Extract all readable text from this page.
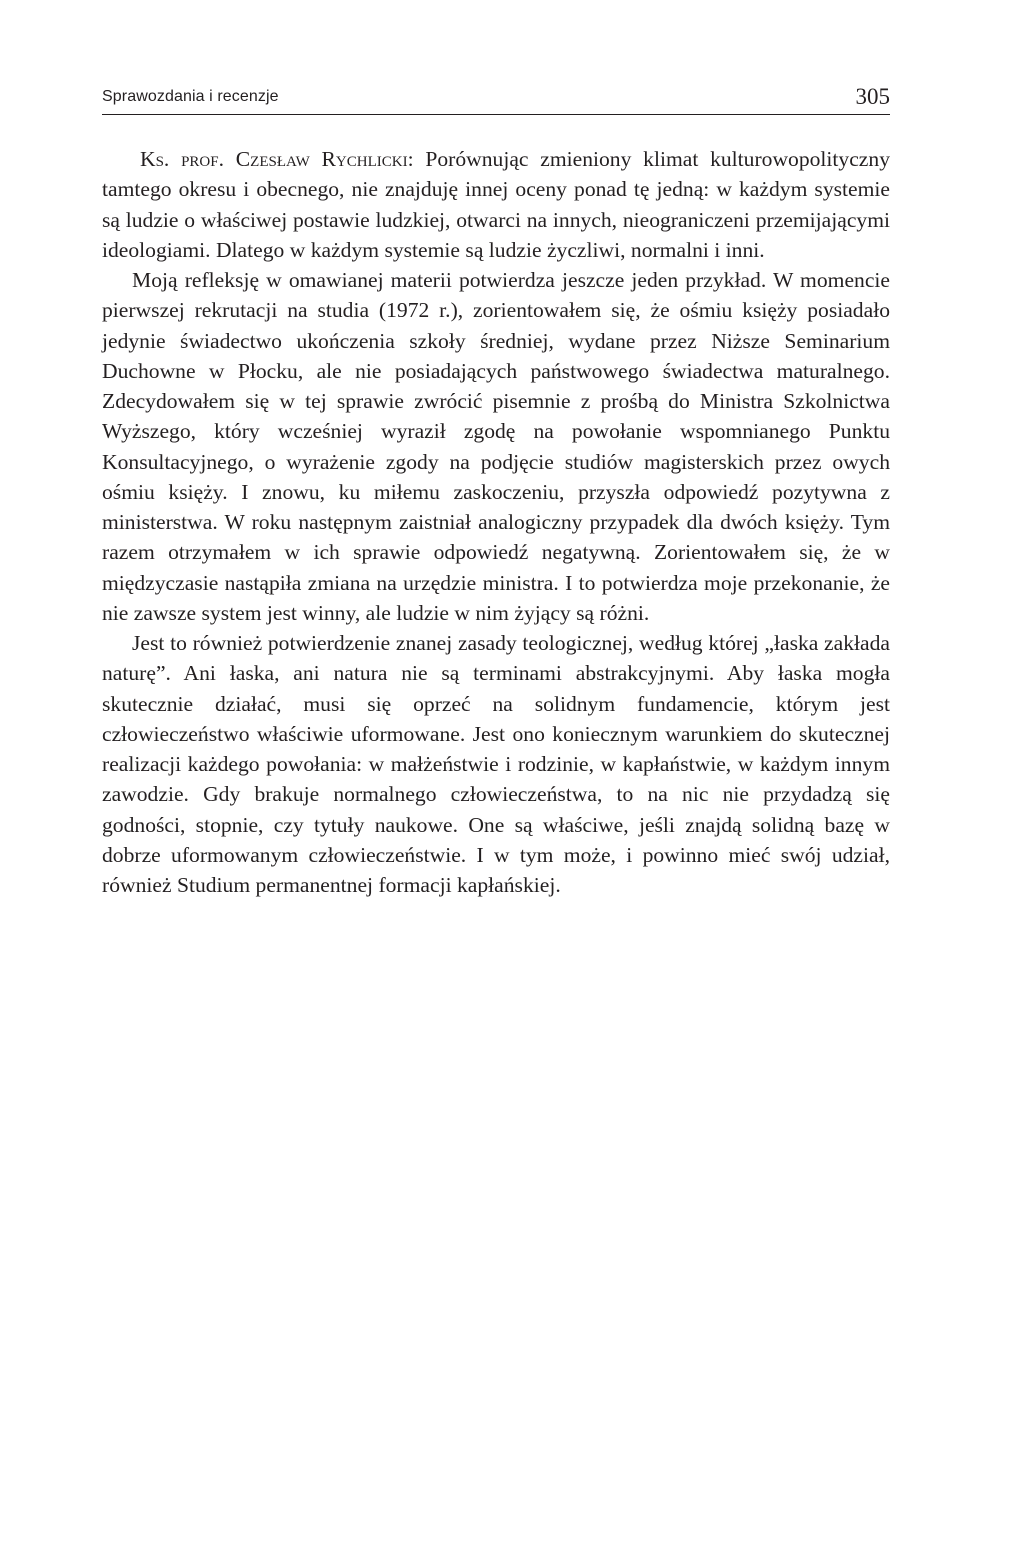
Sprawozdania i recenzje	305

Ks. prof. Czesław Rychlicki: Porównując zmieniony klimat kulturowopolityczny tamtego okresu i obecnego, nie znajduję innej oceny ponad tę jedną: w każdym systemie są ludzie o właściwej postawie ludzkiej, otwarci na innych, nieograniczeni przemijającymi ideologiami. Dlatego w każdym systemie są ludzie życzliwi, normalni i inni.

Moją refleksję w omawianej materii potwierdza jeszcze jeden przykład. W momencie pierwszej rekrutacji na studia (1972 r.), zorientowałem się, że ośmiu księży posiadało jedynie świadectwo ukończenia szkoły średniej, wydane przez Niższe Seminarium Duchowne w Płocku, ale nie posiadających państwowego świadectwa maturalnego. Zdecydowałem się w tej sprawie zwrócić pisemnie z prośbą do Ministra Szkolnictwa Wyższego, który wcześniej wyraził zgodę na powołanie wspomnianego Punktu Konsultacyjnego, o wyrażenie zgody na podjęcie studiów magisterskich przez owych ośmiu księży. I znowu, ku miłemu zaskoczeniu, przyszła odpowiedź pozytywna z ministerstwa. W roku następnym zaistniał analogiczny przypadek dla dwóch księży. Tym razem otrzymałem w ich sprawie odpowiedź negatywną. Zorientowałem się, że w międzyczasie nastąpiła zmiana na urzędzie ministra. I to potwierdza moje przekonanie, że nie zawsze system jest winny, ale ludzie w nim żyjący są różni.

Jest to również potwierdzenie znanej zasady teologicznej, według której „łaska zakłada naturę”. Ani łaska, ani natura nie są terminami abstrakcyjnymi. Aby łaska mogła skutecznie działać, musi się oprzeć na solidnym fundamencie, którym jest człowieczeństwo właściwie uformowane. Jest ono koniecznym warunkiem do skutecznej realizacji każdego powołania: w małżeństwie i rodzinie, w kapłaństwie, w każdym innym zawodzie. Gdy brakuje normalnego człowieczeństwa, to na nic nie przydadzą się godności, stopnie, czy tytuły naukowe. One są właściwe, jeśli znajdą solidną bazę w dobrze uformowanym człowieczeństwie. I w tym może, i powinno mieć swój udział, również Studium permanentnej formacji kapłańskiej.
